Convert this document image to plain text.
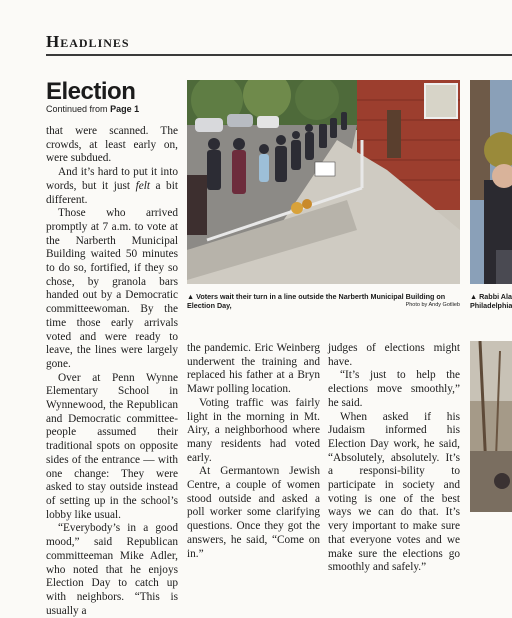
Headlines
Election
Continued from Page 1

that were scanned. The crowds, at least early on, were subdued.

And it’s hard to put it into words, but it just felt a bit different.

Those who arrived promptly at 7 a.m. to vote at the Narberth Municipal Building waited 50 minutes to do so, fortified, if they so chose, by granola bars handed out by a Democratic committeewoman. By the time those early arrivals voted and were ready to leave, the lines were largely gone.

Over at Penn Wynne Elementary School in Wynnewood, the Republican and Democratic committee-people assumed their traditional spots on opposite sides of the entrance — with one change: They were asked to stay outside instead of setting up in the school’s lobby like usual.

“Everybody’s in a good mood,” said Republican committeeman Mike Adler, who noted that he enjoys Election Day to catch up with neighbors. “This is usually a

the pandemic. Eric Weinberg underwent the training and replaced his father at a Bryn Mawr polling location.

Voting traffic was fairly light in the morning in Mt. Airy, a neighborhood where many residents had voted early.

At Germantown Jewish Centre, a couple of women stood outside and asked a poll worker some clarifying questions. Once they got the answers, he said, “Come on in.”

judges of elections might have.

“It’s just to help the elections move smoothly,” he said.

When asked if his Judaism informed his Election Day work, he said, “Absolutely, absolutely. It’s a responsi-bility to participate in society and voting is one of the best ways we can do that. It’s very important to make sure that everyone votes and we make sure the elections go smoothly and safely.”

▲ Voters wait their turn in a line outside the Narberth Municipal Building on Election Day,	Photo by Andy Gotlieb
▲ Rabbi Ala
Philadelphia
